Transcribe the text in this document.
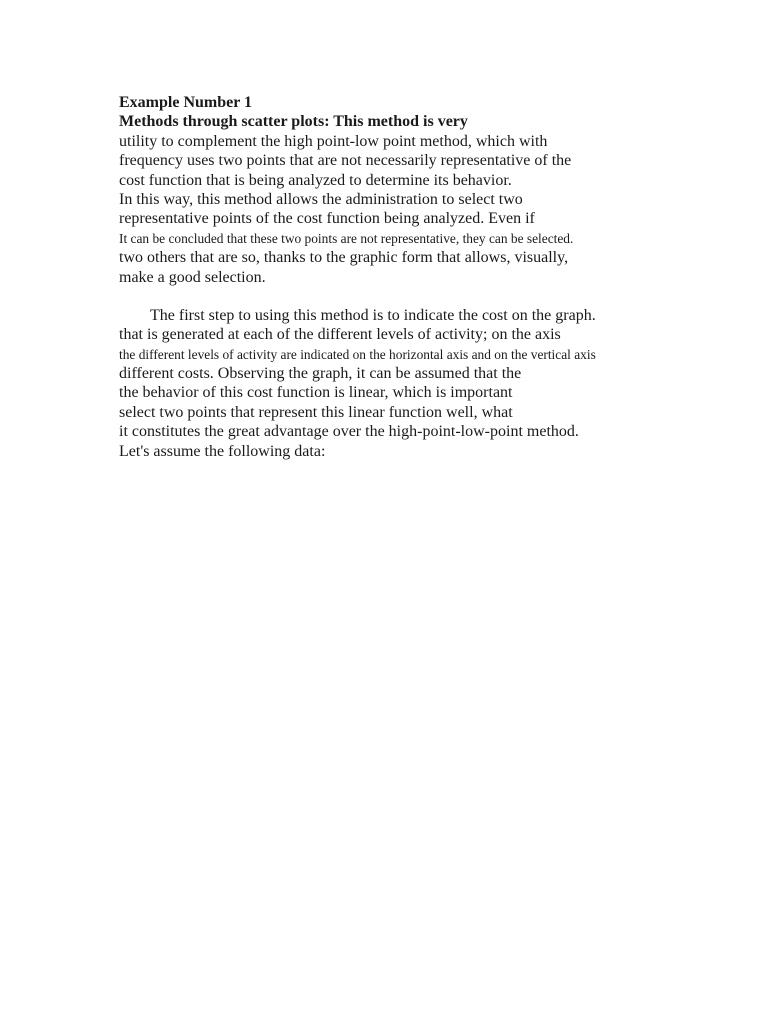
Example Number 1
Methods through scatter plots: This method is very
utility to complement the high point-low point method, which with
frequency uses two points that are not necessarily representative of the
cost function that is being analyzed to determine its behavior.
In this way, this method allows the administration to select two
representative points of the cost function being analyzed. Even if
It can be concluded that these two points are not representative, they can be selected.
two others that are so, thanks to the graphic form that allows, visually,
make a good selection.
The first step to using this method is to indicate the cost on the graph.
that is generated at each of the different levels of activity; on the axis
the different levels of activity are indicated on the horizontal axis and on the vertical axis
different costs. Observing the graph, it can be assumed that the
the behavior of this cost function is linear, which is important
select two points that represent this linear function well, what
it constitutes the great advantage over the high-point-low-point method.
Let's assume the following data:
